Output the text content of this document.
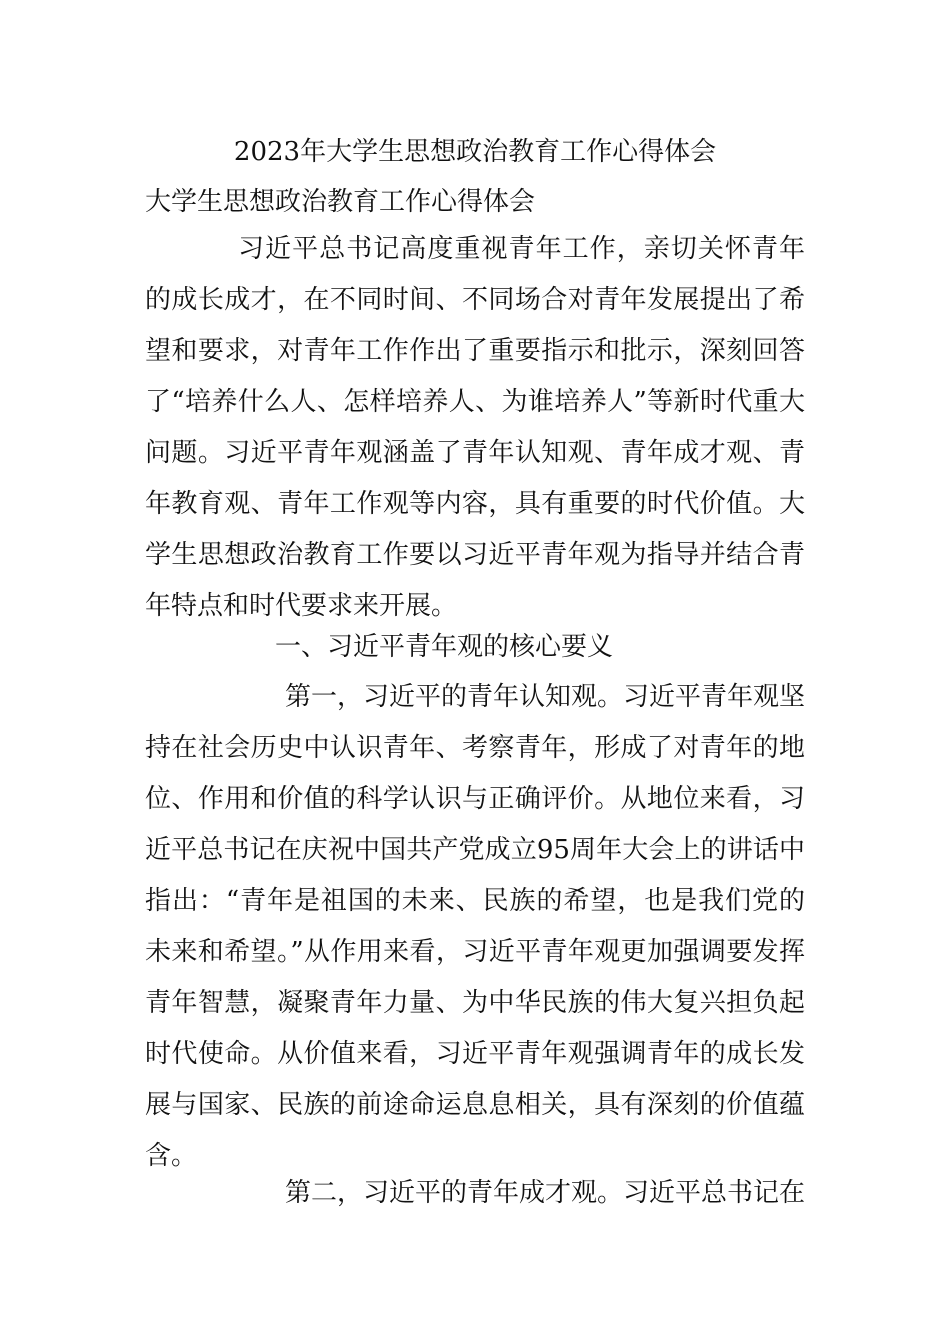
2023年大学生思想政治教育工作心得体会
大学生思想政治教育工作心得体会

习近平总书记高度重视青年工作，亲切关怀青年的成长成才，在不同时间、不同场合对青年发展提出了希望和要求，对青年工作作出了重要指示和批示，深刻回答了“培养什么人、怎样培养人、为谁培养人”等新时代重大问题。习近平青年观涵盖了青年认知观、青年成才观、青年教育观、青年工作观等内容，具有重要的时代价值。大学生思想政治教育工作要以习近平青年观为指导并结合青年特点和时代要求来开展。

一、习近平青年观的核心要义

第一，习近平的青年认知观。习近平青年观坚持在社会历史中认识青年、考察青年，形成了对青年的地位、作用和价值的科学认识与正确评价。从地位来看，习近平总书记在庆祝中国共产党成立95周年大会上的讲话中指出：“青年是祖国的未来、民族的希望，也是我们党的未来和希望。”从作用来看，习近平青年观更加强调要发挥青年智慧，凝聚青年力量、为中华民族的伟大复兴担负起时代使命。从价值来看，习近平青年观强调青年的成长发展与国家、民族的前途命运息息相关，具有深刻的价值蕴含。

第二，习近平的青年成才观。习近平总书记在
